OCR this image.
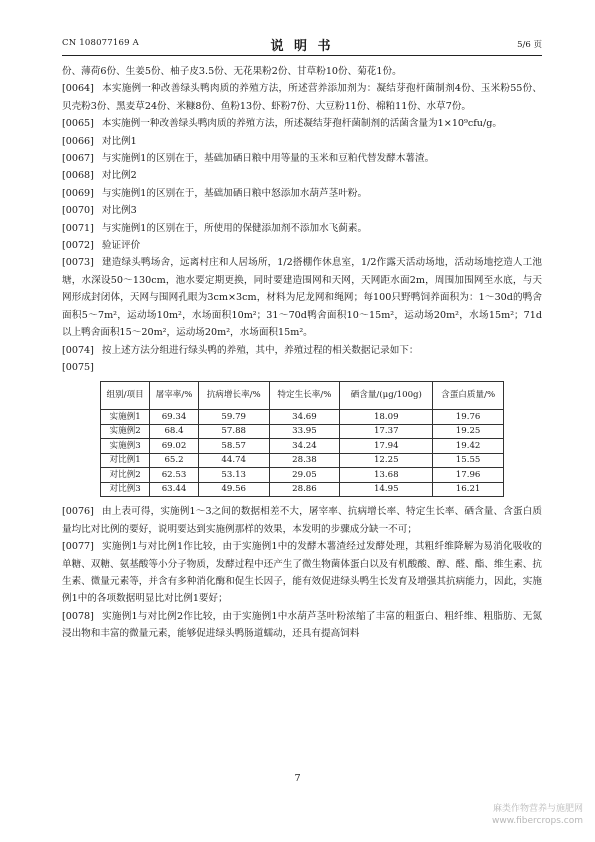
CN 108077169 A	说 明 书	5/6 页

份、薄荷6份、生姜5份、柚子皮3.5份、无花果粉2份、甘草粉10份、菊花1份。

[0064] 本实施例一种改善绿头鸭肉质的养殖方法，所述营养添加剂为：凝结芽孢杆菌制剂4份、玉米粉55份、贝壳粉3份、黑麦草24份、米糠8份、鱼粉13份、虾粉7份、大豆粉11份、棉粕11份、水草7份。

[0065] 本实施例一种改善绿头鸭肉质的养殖方法，所述凝结芽孢杆菌制剂的活菌含量为1×10⁹cfu/g。

[0066] 对比例1

[0067] 与实施例1的区别在于，基础加硒日粮中用等量的玉米和豆粕代替发酵木薯渣。

[0068] 对比例2

[0069] 与实施例1的区别在于，基础加硒日粮中怒添加水葫芦茎叶粉。

[0070] 对比例3

[0071] 与实施例1的区别在于，所使用的保健添加剂不添加水飞蓟素。

[0072] 验证评价

[0073] 建造绿头鸭场舍，远离村庄和人居场所，1/2搭棚作休息室，1/2作露天活动场地，活动场地挖造人工池塘，水深设50～130cm，池水要定期更换，同时要建造围网和天网，天网距水面2m，周围加围网至水底，与天网形成封闭体，天网与围网孔眼为3cm×3cm，材料为尼龙网和绳网；每100只野鸭饲养面积为：1～30d的鸭舍面积5～7m²，运动场10m²，水场面积10m²；31～70d鸭舍面积10～15m²，运动场20m²，水场15m²；71d以上鸭舍面积15～20m²，运动场20m²，水场面积15m²。

[0074] 按上述方法分组进行绿头鸭的养殖，其中，养殖过程的相关数据记录如下：

[0075]

组别/项目	屠宰率/%	抗病增长率/%	特定生长率/%	硒含量/(μg/100g)	含蛋白质量/%
实施例1	69.34	59.79	34.69	18.09	19.76
实施例2	68.4	57.88	33.95	17.37	19.25
实施例3	69.02	58.57	34.24	17.94	19.42
对比例1	65.2	44.74	28.38	12.25	15.55
对比例2	62.53	53.13	29.05	13.68	17.96
对比例3	63.44	49.56	28.86	14.95	16.21

[0076] 由上表可得，实施例1～3之间的数据相差不大，屠宰率、抗病增长率、特定生长率、硒含量、含蛋白质量均比对比例的要好，说明要达到实施例那样的效果，本发明的步骤成分缺一不可；

[0077] 实施例1与对比例1作比较，由于实施例1中的发酵木薯渣经过发酵处理，其粗纤维降解为易消化吸收的单糖、双糖、氨基酸等小分子物质，发酵过程中还产生了微生物菌体蛋白以及有机酸酸、醇、醛、酯、维生素、抗生素、微量元素等，并含有多种消化酶和促生长因子，能有效促进绿头鸭生长发育及增强其抗病能力，因此，实施例1中的各项数据明显比对比例1要好；

[0078] 实施例1与对比例2作比较，由于实施例1中水葫芦茎叶粉浓缩了丰富的粗蛋白、粗纤维、粗脂肪、无氮浸出物和丰富的微量元素，能够促进绿头鸭肠道蠕动，还具有提高饲料

7
麻类作物营养与施肥网
www.fibercrops.com
